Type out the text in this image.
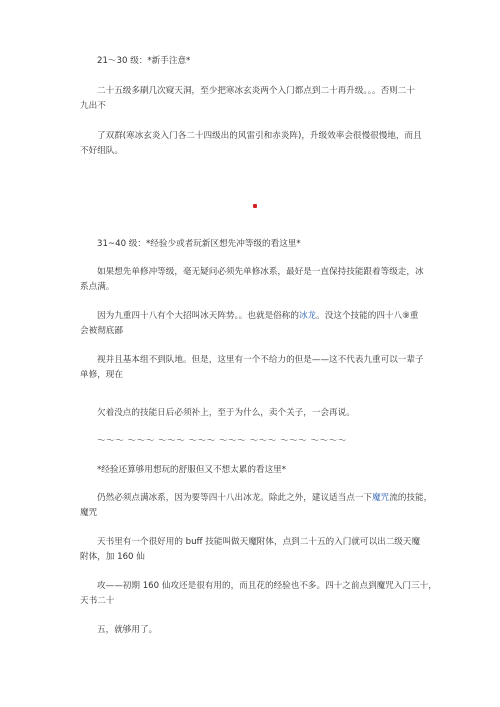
21～30 级：*新手注意*
二十五级多刷几次窥天洞，至少把寒冰玄炎两个入门都点到二十再升级。。。否则二十
九出不
了双群(寒冰玄炎入门各二十四级出的风雷引和赤炎阵)，升级效率会很慢很慢地，而且
不好组队。
31~40 级：*经验少或者玩新区想先冲等级的看这里*
如果想先单修冲等级，毫无疑问必须先单修冰系，最好是一直保持技能跟着等级走，冰
系点满。
因为九重四十八有个大招叫冰天阵势。。也就是俗称的冰龙。没这个技能的四十八⑨重
会被彻底鄙
视并且基本组不到队地。但是，这里有一个不给力的但是——这不代表九重可以一辈子
单修，现在
欠着没点的技能日后必须补上，至于为什么，卖个关子，一会再说。
～～～ ～～～ ～～～ ～～～ ～～～ ～～～ ～～～ ～～～～
*经验还算够用想玩的舒服但又不想太累的看这里*
仍然必须点满冰系，因为要等四十八出冰龙。除此之外，建议适当点一下魔咒流的技能，
魔咒
天书里有一个很好用的 buff 技能叫做天魔附体，点到二十五的入门就可以出二级天魔
附体，加 160 仙
攻——初期 160 仙攻还是很有用的，而且花的经验也不多。四十之前点到魔咒入门三十，
天书二十
五，就够用了。
